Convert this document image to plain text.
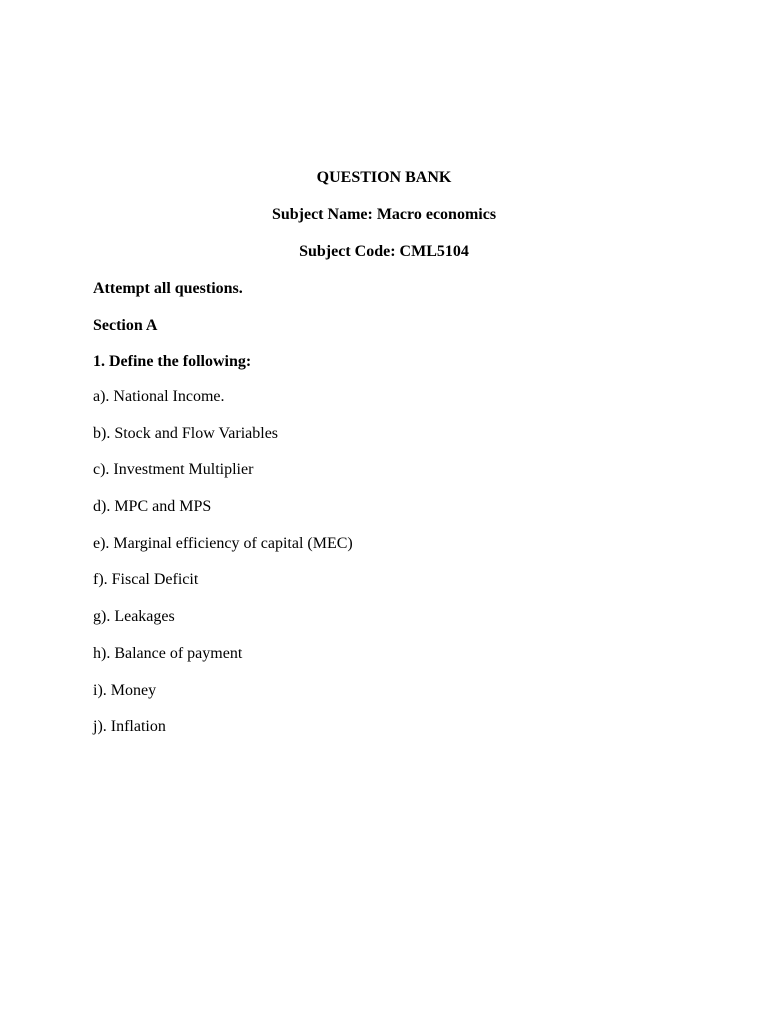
QUESTION BANK
Subject Name: Macro economics
Subject Code: CML5104
Attempt all questions.
Section A
1. Define the following:
a). National Income.
b). Stock and Flow Variables
c). Investment Multiplier
d). MPC and MPS
e). Marginal efficiency of capital (MEC)
f). Fiscal Deficit
g). Leakages
h). Balance of payment
i). Money
j). Inflation
